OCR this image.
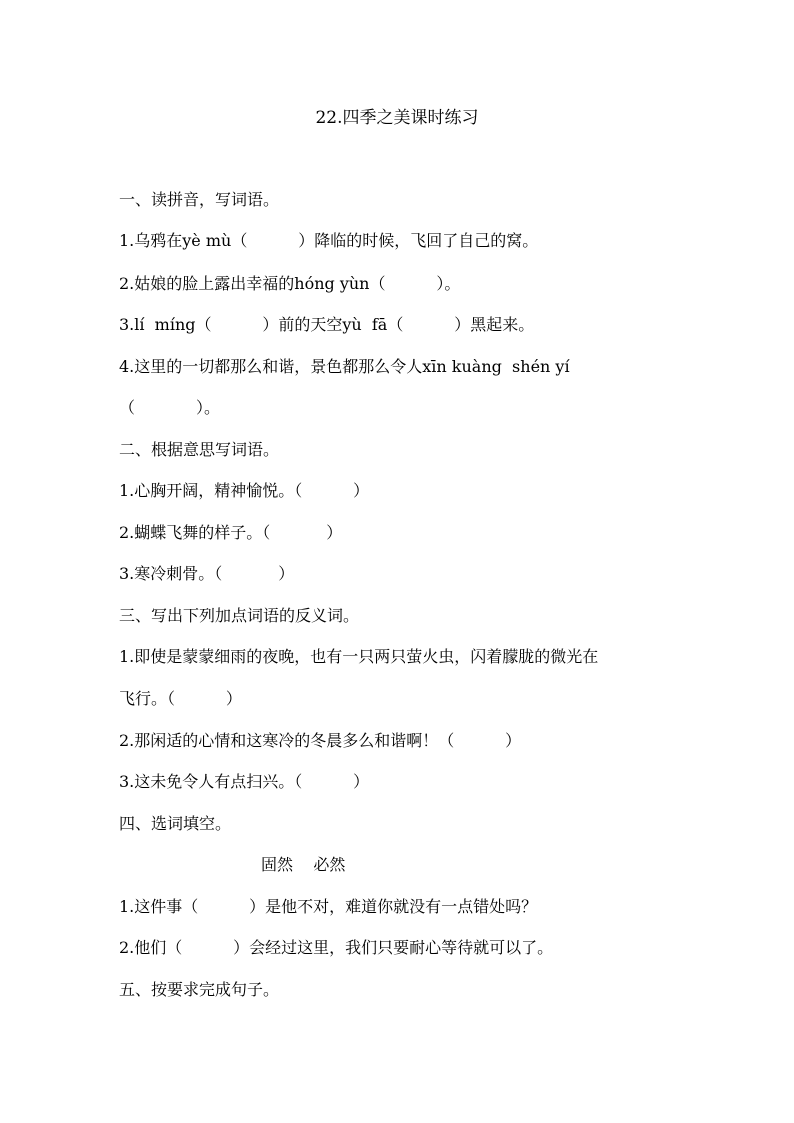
22.四季之美课时练习
一、读拼音，写词语。
1.乌鸦在yè mù（          ）降临的时候，飞回了自己的窝。
2.姑娘的脸上露出幸福的hóng yùn（          ）。
3.lí  míng（          ）前的天空yù  fā（          ）黑起来。
4.这里的一切都那么和谐，景色都那么令人xīn kuàng  shén yí
（            ）。
二、根据意思写词语。
1.心胸开阔，精神愉悦。（          ）
2.蝴蝶飞舞的样子。（           ）
3.寒冷刺骨。（           ）
三、写出下列加点词语的反义词。
1.即使是蒙蒙细雨的夜晚，也有一只两只萤火虫，闪着朦胧的微光在
飞行。（          ）
2.那闲适的心情和这寒冷的冬晨多么和谐啊！（          ）
3.这未免令人有点扫兴。（          ）
四、选词填空。
固然    必然
1.这件事（          ）是他不对，难道你就没有一点错处吗？
2.他们（          ）会经过这里，我们只要耐心等待就可以了。
五、按要求完成句子。
